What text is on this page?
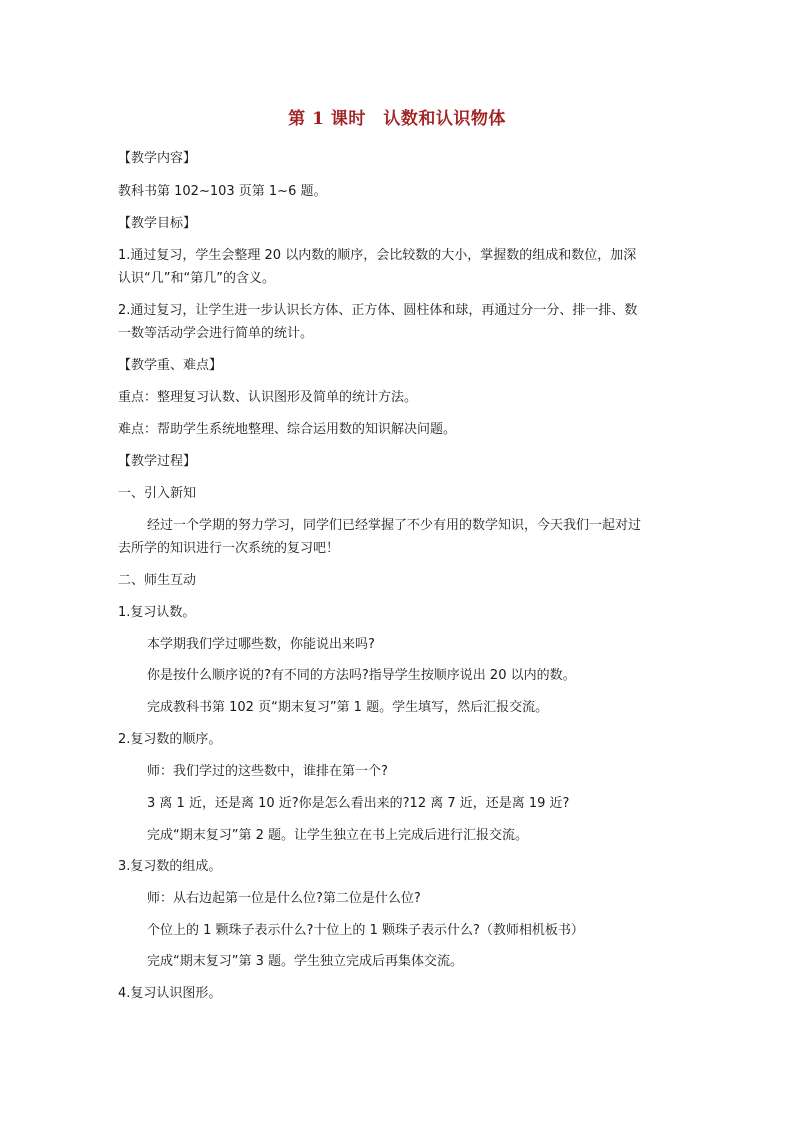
第 1 课时　认数和认识物体
【教学内容】
教科书第 102~103 页第 1~6 题。
【教学目标】
1.通过复习，学生会整理 20 以内数的顺序，会比较数的大小，掌握数的组成和数位，加深
认识“几”和“第几”的含义。
2.通过复习，让学生进一步认识长方体、正方体、圆柱体和球，再通过分一分、排一排、数
一数等活动学会进行简单的统计。
【教学重、难点】
重点：整理复习认数、认识图形及简单的统计方法。
难点：帮助学生系统地整理、综合运用数的知识解决问题。
【教学过程】
一、引入新知
经过一个学期的努力学习，同学们已经掌握了不少有用的数学知识，今天我们一起对过
去所学的知识进行一次系统的复习吧！
二、师生互动
1.复习认数。
本学期我们学过哪些数，你能说出来吗?
你是按什么顺序说的?有不同的方法吗?指导学生按顺序说出 20 以内的数。
完成教科书第 102 页“期末复习”第 1 题。学生填写，然后汇报交流。
2.复习数的顺序。
师：我们学过的这些数中，谁排在第一个?
3 离 1 近，还是离 10 近?你是怎么看出来的?12 离 7 近，还是离 19 近?
完成“期末复习”第 2 题。让学生独立在书上完成后进行汇报交流。
3.复习数的组成。
师：从右边起第一位是什么位?第二位是什么位?
个位上的 1 颗珠子表示什么?十位上的 1 颗珠子表示什么?（教师相机板书）
完成“期末复习”第 3 题。学生独立完成后再集体交流。
4.复习认识图形。
